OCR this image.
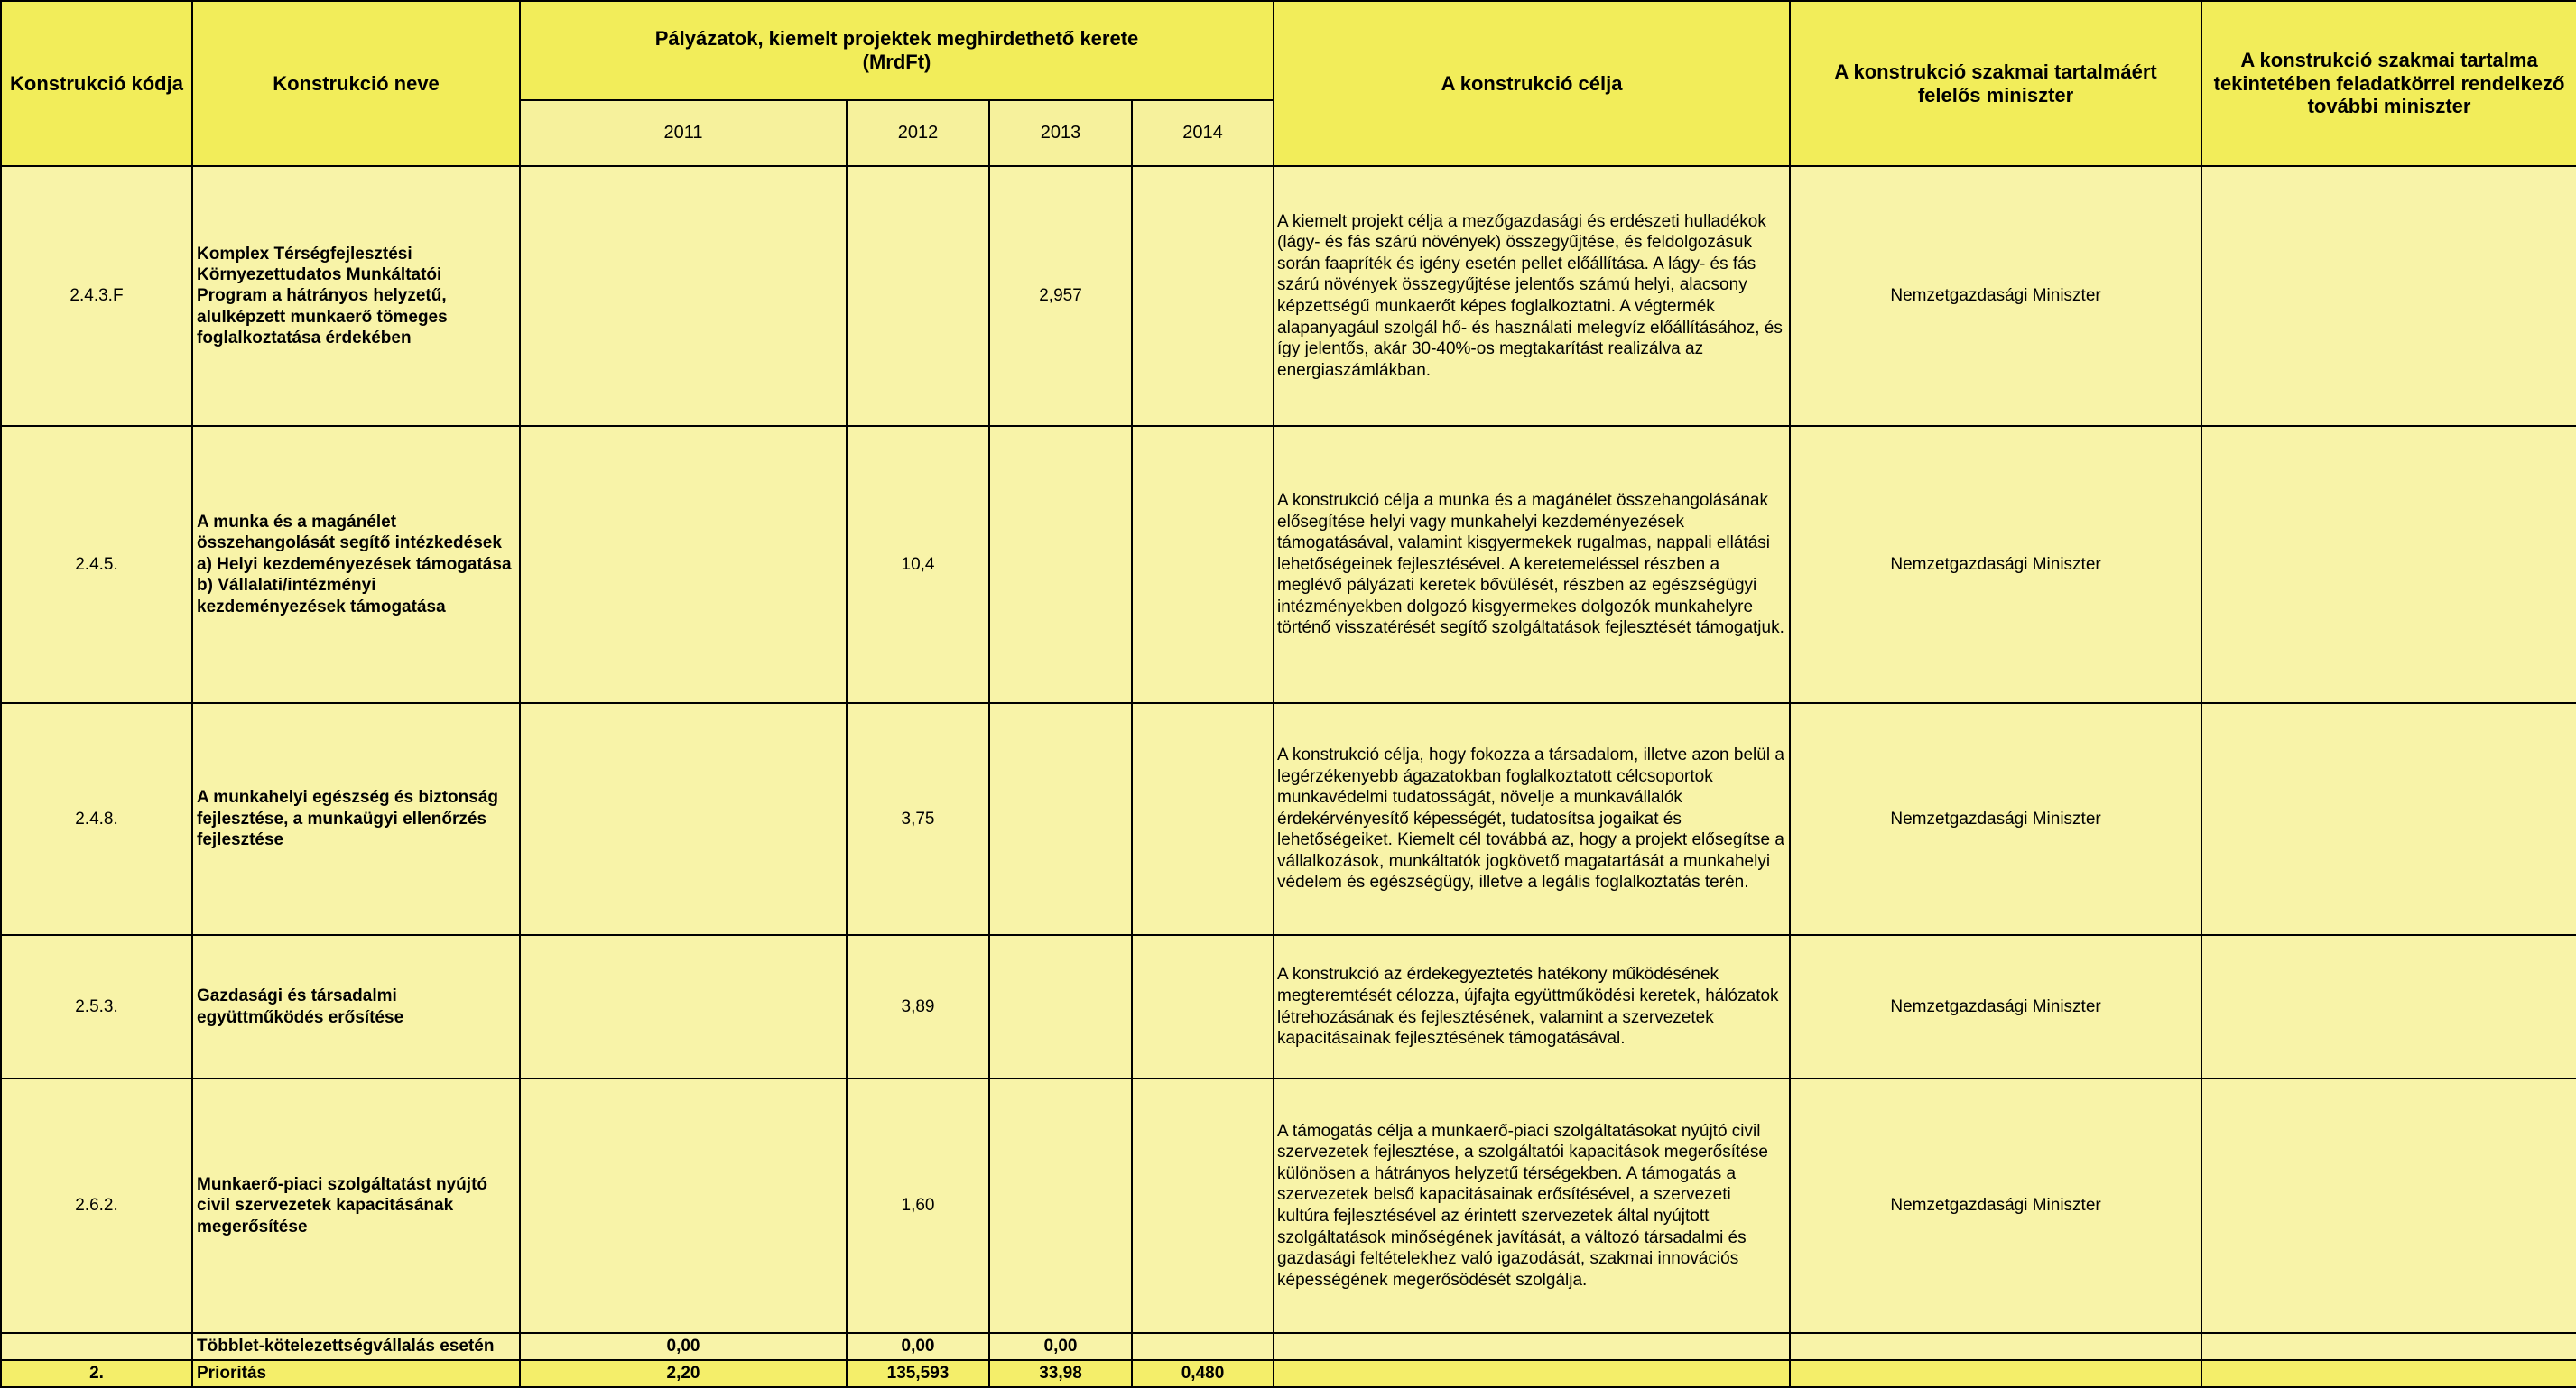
Konstrukció kódja	Konstrukció neve	Pályázatok, kiemelt projektek meghirdethető kerete (MrdFt)				A konstrukció célja	A konstrukció szakmai tartalmáért felelős miniszter	A konstrukció szakmai tartalma tekintetében feladatkörrel rendelkező további miniszter
		2011	2012	2013	2014			
2.4.3.F	Komplex Térségfejlesztési Környezettudatos Munkáltatói Program a hátrányos helyzetű, alulképzett munkaerő tömeges foglalkoztatása érdekében			2,957		A kiemelt projekt célja a mezőgazdasági és erdészeti hulladékok (lágy- és fás szárú növények) összegyűjtése, és feldolgozásuk során faapríték és igény esetén pellet előállítása. A lágy- és fás szárú növények összegyűjtése jelentős számú helyi, alacsony képzettségű munkaerőt képes foglalkoztatni. A végtermék alapanyagául szolgál hő- és használati melegvíz előállításához, és így jelentős, akár 30-40%-os megtakarítást realizálva az energiaszámlákban.	Nemzetgazdasági Miniszter	
2.4.5.	A munka és a magánélet összehangolását segítő intézkedések a) Helyi kezdeményezések támogatása b) Vállalati/intézményi kezdeményezések támogatása		10,4			A konstrukció célja a munka és a magánélet összehangolásának elősegítése helyi vagy munkahelyi kezdeményezések támogatásával, valamint kisgyermekek rugalmas, nappali ellátási lehetőségeinek fejlesztésével. A keretemeléssel részben a meglévő pályázati keretek bővülését, részben az egészségügyi intézményekben dolgozó kisgyermekes dolgozók munkahelyre történő visszatérését segítő szolgáltatások fejlesztését támogatjuk.	Nemzetgazdasági Miniszter	
2.4.8.	A munkahelyi egészség és biztonság fejlesztése, a munkaügyi ellenőrzés fejlesztése		3,75			A konstrukció célja, hogy fokozza a társadalom, illetve azon belül a legérzékenyebb ágazatokban foglalkoztatott célcsoportok munkavédelmi tudatosságát, növelje a munkavállalók érdekérvényesítő képességét, tudatosítsa jogaikat és lehetőségeiket. Kiemelt cél továbbá az, hogy a projekt elősegítse a vállalkozások, munkáltatók jogkövető magatartását a munkahelyi védelem és egészségügy, illetve a legális foglalkoztatás terén.	Nemzetgazdasági Miniszter	
2.5.3.	Gazdasági és társadalmi együttműködés erősítése		3,89			A konstrukció az érdekegyeztetés hatékony működésének megteremtését célozza, újfajta együttműködési keretek, hálózatok létrehozásának és fejlesztésének, valamint a szervezetek kapacitásainak fejlesztésének támogatásával.	Nemzetgazdasági Miniszter	
2.6.2.	Munkaerő-piaci szolgáltatást nyújtó civil szervezetek kapacitásának megerősítése		1,60			A támogatás célja a munkaerő-piaci szolgáltatásokat nyújtó civil szervezetek fejlesztése, a szolgáltatói kapacitások megerősítése különösen a hátrányos helyzetű térségekben. A támogatás a szervezetek belső kapacitásainak erősítésével, a szervezeti kultúra fejlesztésével az érintett szervezetek által nyújtott szolgáltatások minőségének javítását, a változó társadalmi és gazdasági feltételekhez való igazodását, szakmai innovációs képességének megerősödését szolgálja.	Nemzetgazdasági Miniszter	
	Többlet-kötelezettségvállalás esetén	0,00	0,00	0,00				
2.	Prioritás	2,20	135,593	33,98	0,480			
